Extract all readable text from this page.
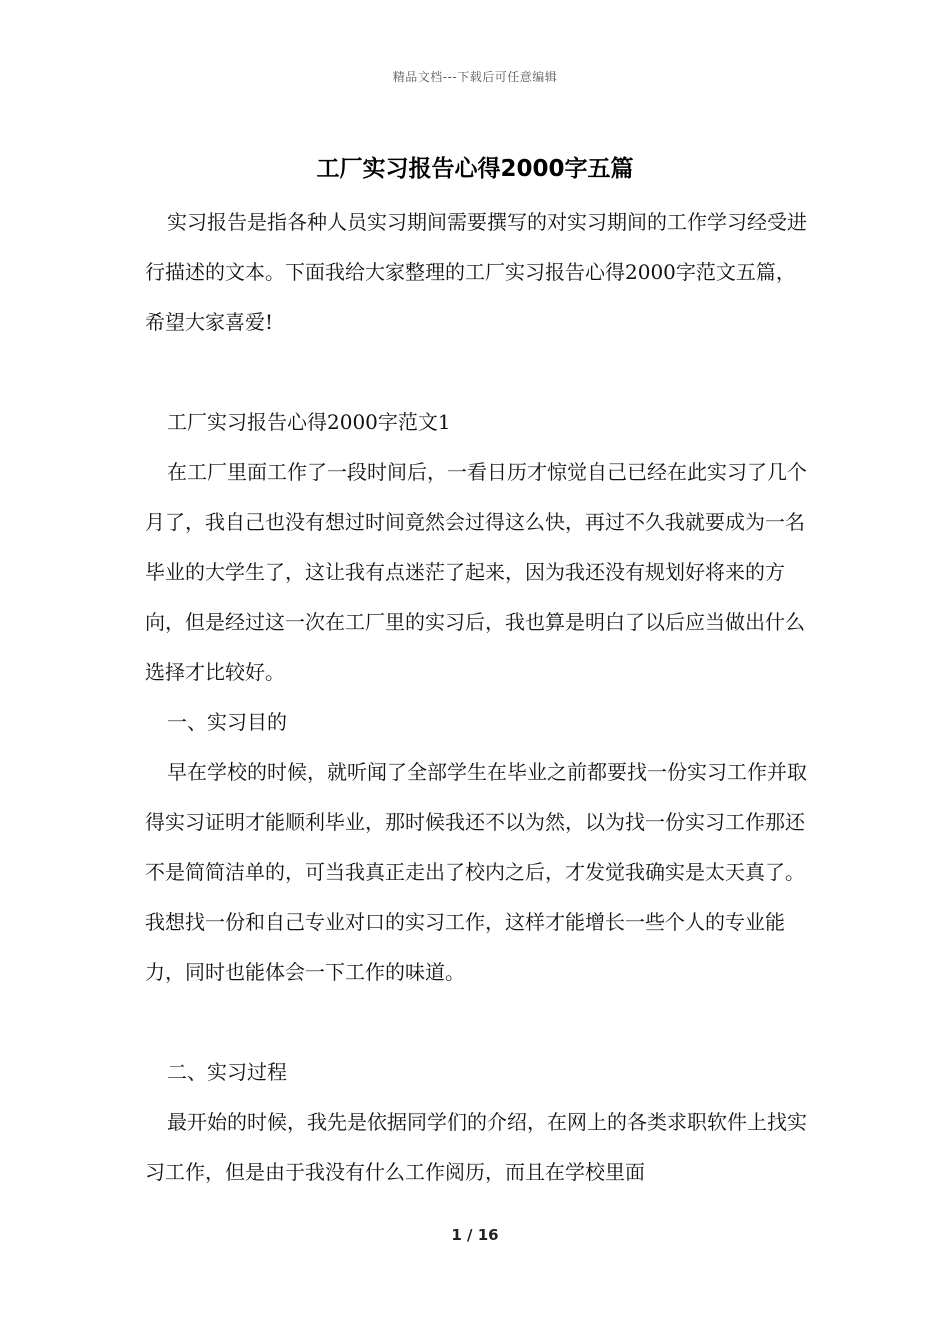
精品文档---下载后可任意编辑
工厂实习报告心得2000字五篇

实习报告是指各种人员实习期间需要撰写的对实习期间的工作学习经受进行描述的文本。下面我给大家整理的工厂实习报告心得2000字范文五篇，希望大家喜爱!

工厂实习报告心得2000字范文1

在工厂里面工作了一段时间后，一看日历才惊觉自己已经在此实习了几个月了，我自己也没有想过时间竟然会过得这么快，再过不久我就要成为一名毕业的大学生了，这让我有点迷茫了起来，因为我还没有规划好将来的方向，但是经过这一次在工厂里的实习后，我也算是明白了以后应当做出什么选择才比较好。

一、实习目的

早在学校的时候，就听闻了全部学生在毕业之前都要找一份实习工作并取得实习证明才能顺利毕业，那时候我还不以为然，以为找一份实习工作那还不是简简洁单的，可当我真正走出了校内之后，才发觉我确实是太天真了。我想找一份和自己专业对口的实习工作，这样才能增长一些个人的专业能力，同时也能体会一下工作的味道。

二、实习过程

最开始的时候，我先是依据同学们的介绍，在网上的各类求职软件上找实习工作，但是由于我没有什么工作阅历，而且在学校里面

1 / 16
